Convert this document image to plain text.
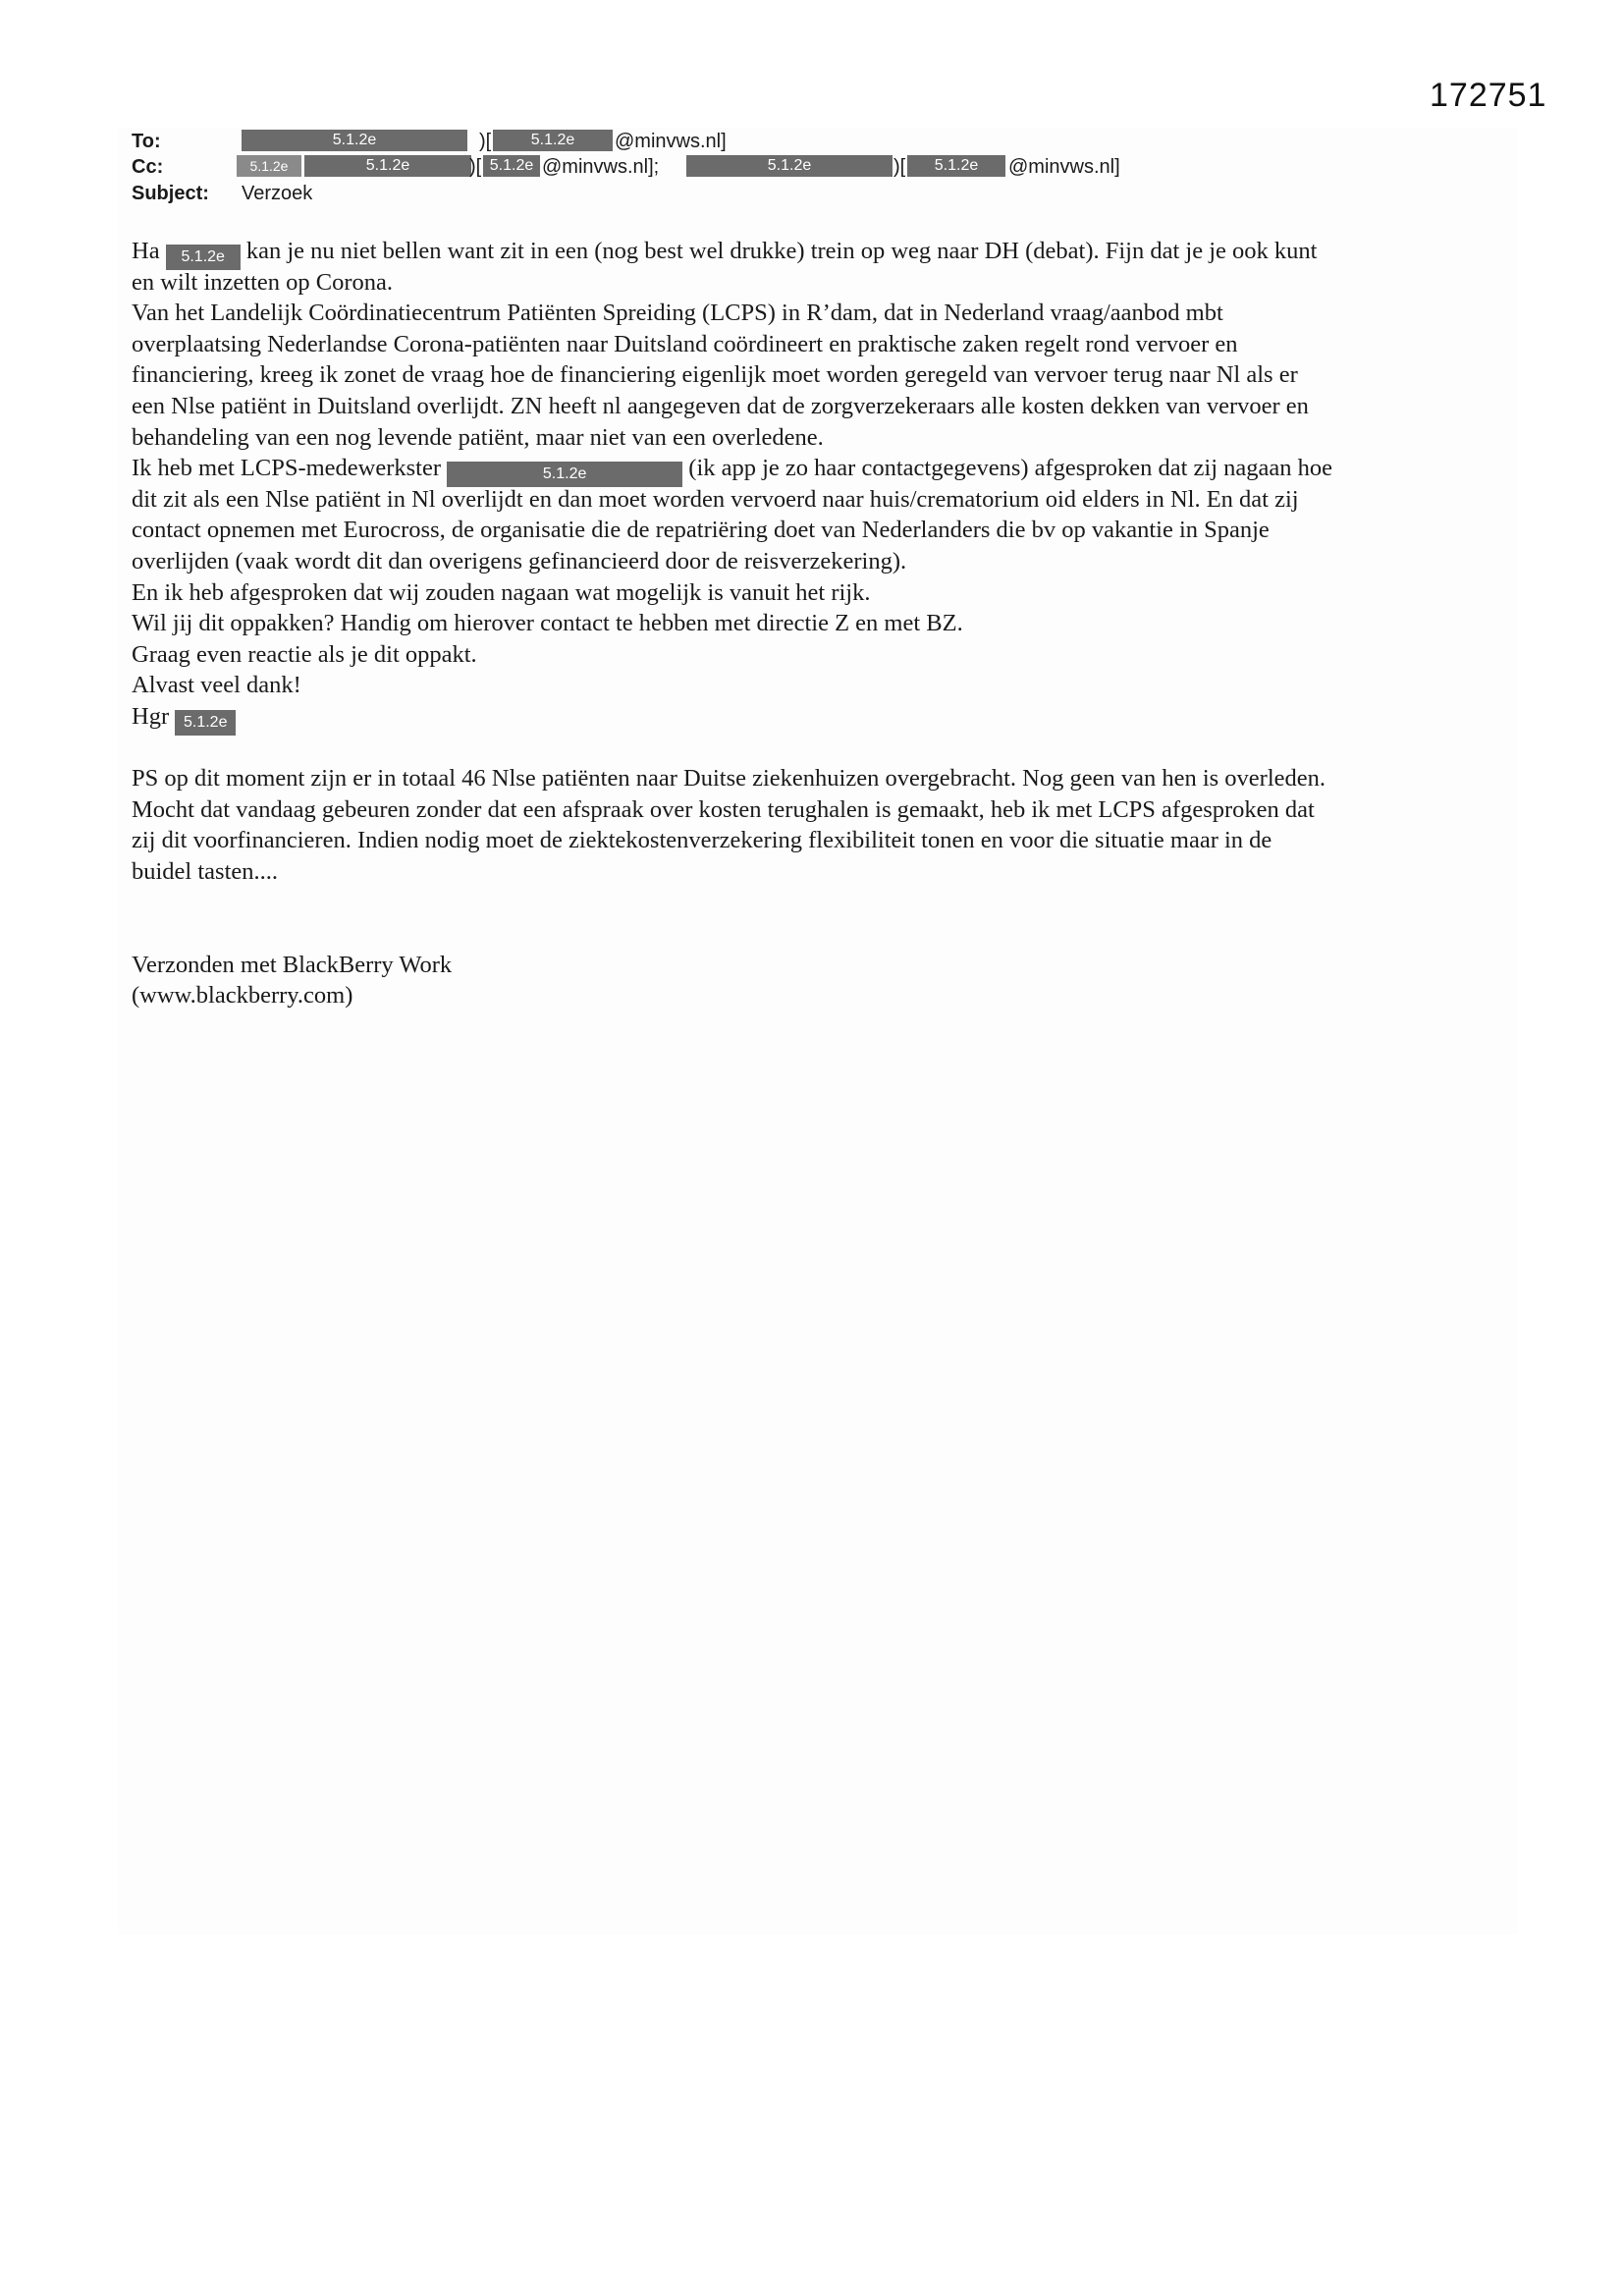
172751
To:	5.1.2e	)[	5.1.2e	@minvws.nl]
Cc:	5.1.2e	5.1.2e	)[ 5.1.2e @minvws.nl];	5.1.2e	)[	5.1.2e	@minvws.nl]
Subject: Verzoek
Ha 5.1.2e kan je nu niet bellen want zit in een (nog best wel drukke) trein op weg naar DH (debat). Fijn dat je je ook kunt
en wilt inzetten op Corona.
Van het Landelijk Coördinatiecentrum Patiënten Spreiding (LCPS) in R’dam, dat in Nederland vraag/aanbod mbt
overplaatsing Nederlandse Corona-patiënten naar Duitsland coördineert en praktische zaken regelt rond vervoer en
financiering, kreeg ik zonet de vraag hoe de financiering eigenlijk moet worden geregeld van vervoer terug naar Nl als er
een Nlse patiënt in Duitsland overlijdt. ZN heeft nl aangegeven dat de zorgverzekeraars alle kosten dekken van vervoer en
behandeling van een nog levende patiënt, maar niet van een overledene.
Ik heb met LCPS-medewerkster	5.1.2e	(ik app je zo haar contactgegevens) afgesproken dat zij nagaan hoe
dit zit als een Nlse patiënt in Nl overlijdt en dan moet worden vervoerd naar huis/crematorium oid elders in Nl. En dat zij
contact opnemen met Eurocross, de organisatie die de repatriëring doet van Nederlanders die bv op vakantie in Spanje
overlijden (vaak wordt dit dan overigens gefinancieerd door de reisverzekering).
En ik heb afgesproken dat wij zouden nagaan wat mogelijk is vanuit het rijk.
Wil jij dit oppakken? Handig om hierover contact te hebben met directie Z en met BZ.
Graag even reactie als je dit oppakt.
Alvast veel dank!
Hgr 5.1.2e
PS op dit moment zijn er in totaal 46 Nlse patiënten naar Duitse ziekenhuizen overgebracht. Nog geen van hen is overleden.
Mocht dat vandaag gebeuren zonder dat een afspraak over kosten terughalen is gemaakt, heb ik met LCPS afgesproken dat
zij dit voorfinancieren. Indien nodig moet de ziektekostenverzekering flexibiliteit tonen en voor die situatie maar in de
buidel tasten....
Verzonden met BlackBerry Work
(www.blackberry.com)
